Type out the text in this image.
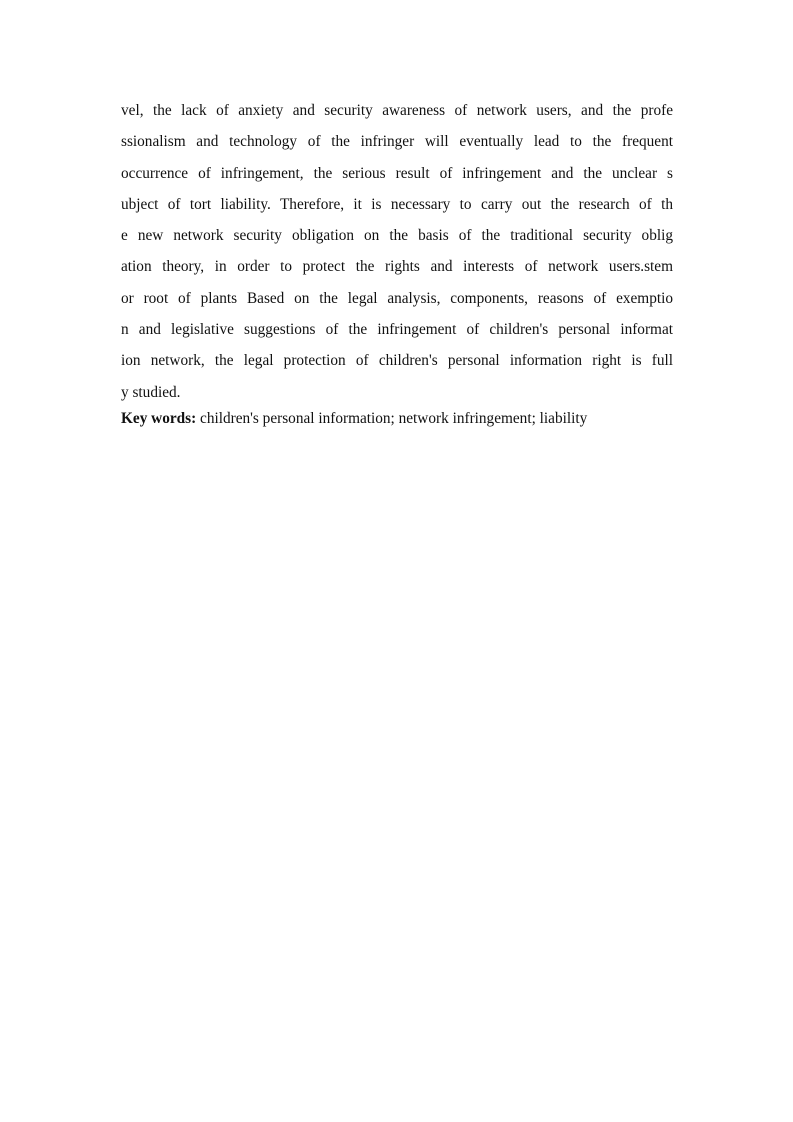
vel, the lack of anxiety and security awareness of network users, and the profe
ssionalism and technology of the infringer will eventually lead to the frequent
occurrence of infringement, the serious result of infringement and the unclear s
ubject of tort liability. Therefore, it is necessary to carry out the research of th
e new network security obligation on the basis of the traditional security oblig
ation theory, in order to protect the rights and interests of network users.stem
or root of plants Based on the legal analysis, components, reasons of exemptio
n and legislative suggestions of the infringement of children's personal informat
ion network, the legal protection of children's personal information right is full
y studied.
Key words: children's personal information; network infringement; liability
